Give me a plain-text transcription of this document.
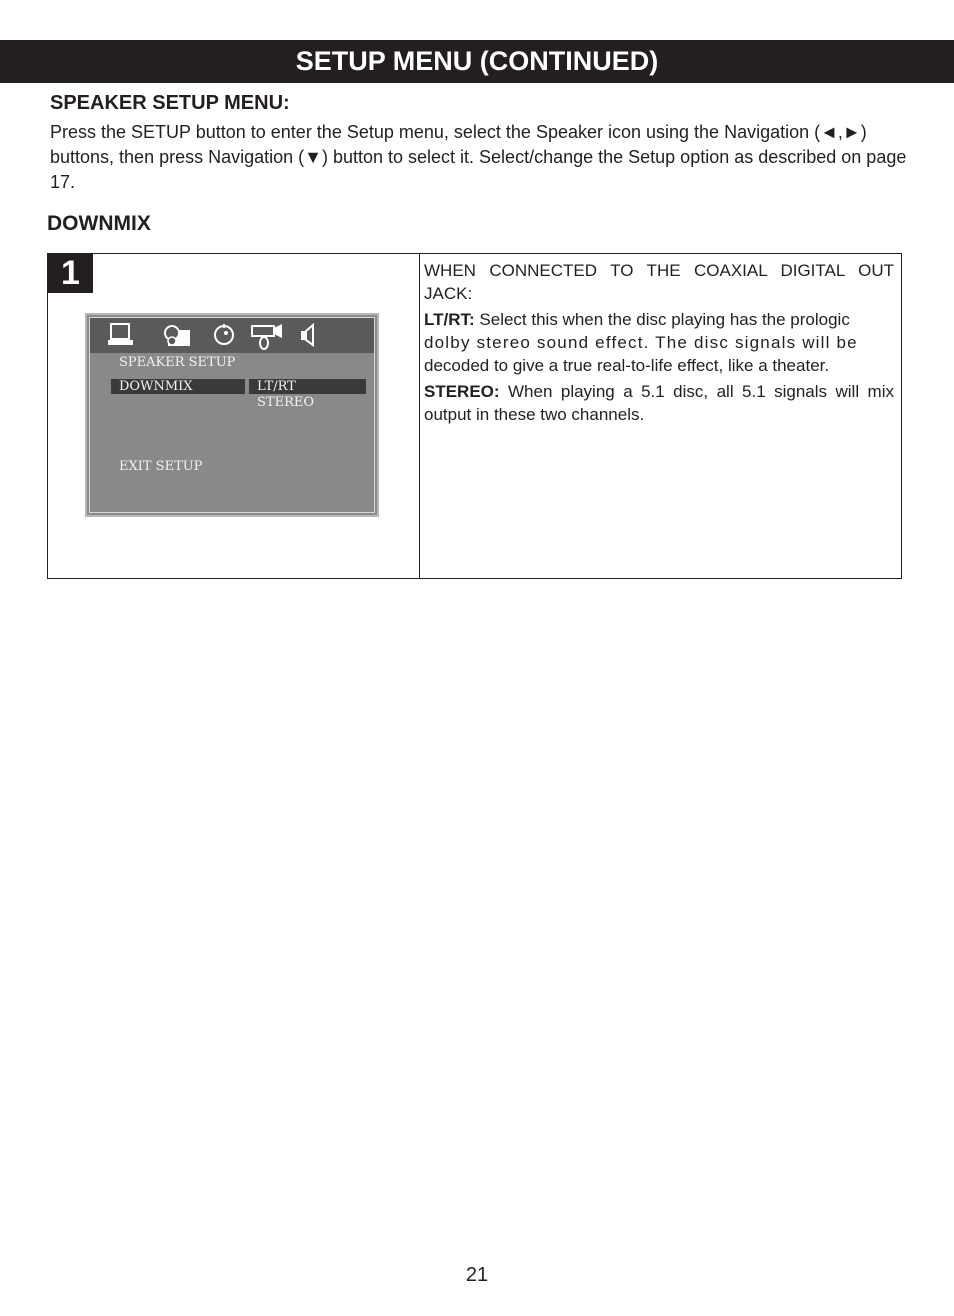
SETUP MENU (CONTINUED)
SPEAKER SETUP MENU:
Press the SETUP button to enter the Setup menu, select the Speaker icon using the Navigation (◄,►) buttons, then press Navigation (▼) button to select it. Select/change the Setup option as described on page 17.
DOWNMIX
1
SPEAKER SETUP
DOWNMIX	LT/RT
STEREO
EXIT SETUP

WHEN CONNECTED TO THE COAXIAL DIGITAL OUT JACK:

LT/RT: Select this when the disc playing has the prologic
dolby stereo sound effect. The disc signals will be
decoded to give a true real-to-life effect, like a theater.

STEREO: When playing a 5.1 disc, all 5.1 signals will mix output in these two channels.

21
